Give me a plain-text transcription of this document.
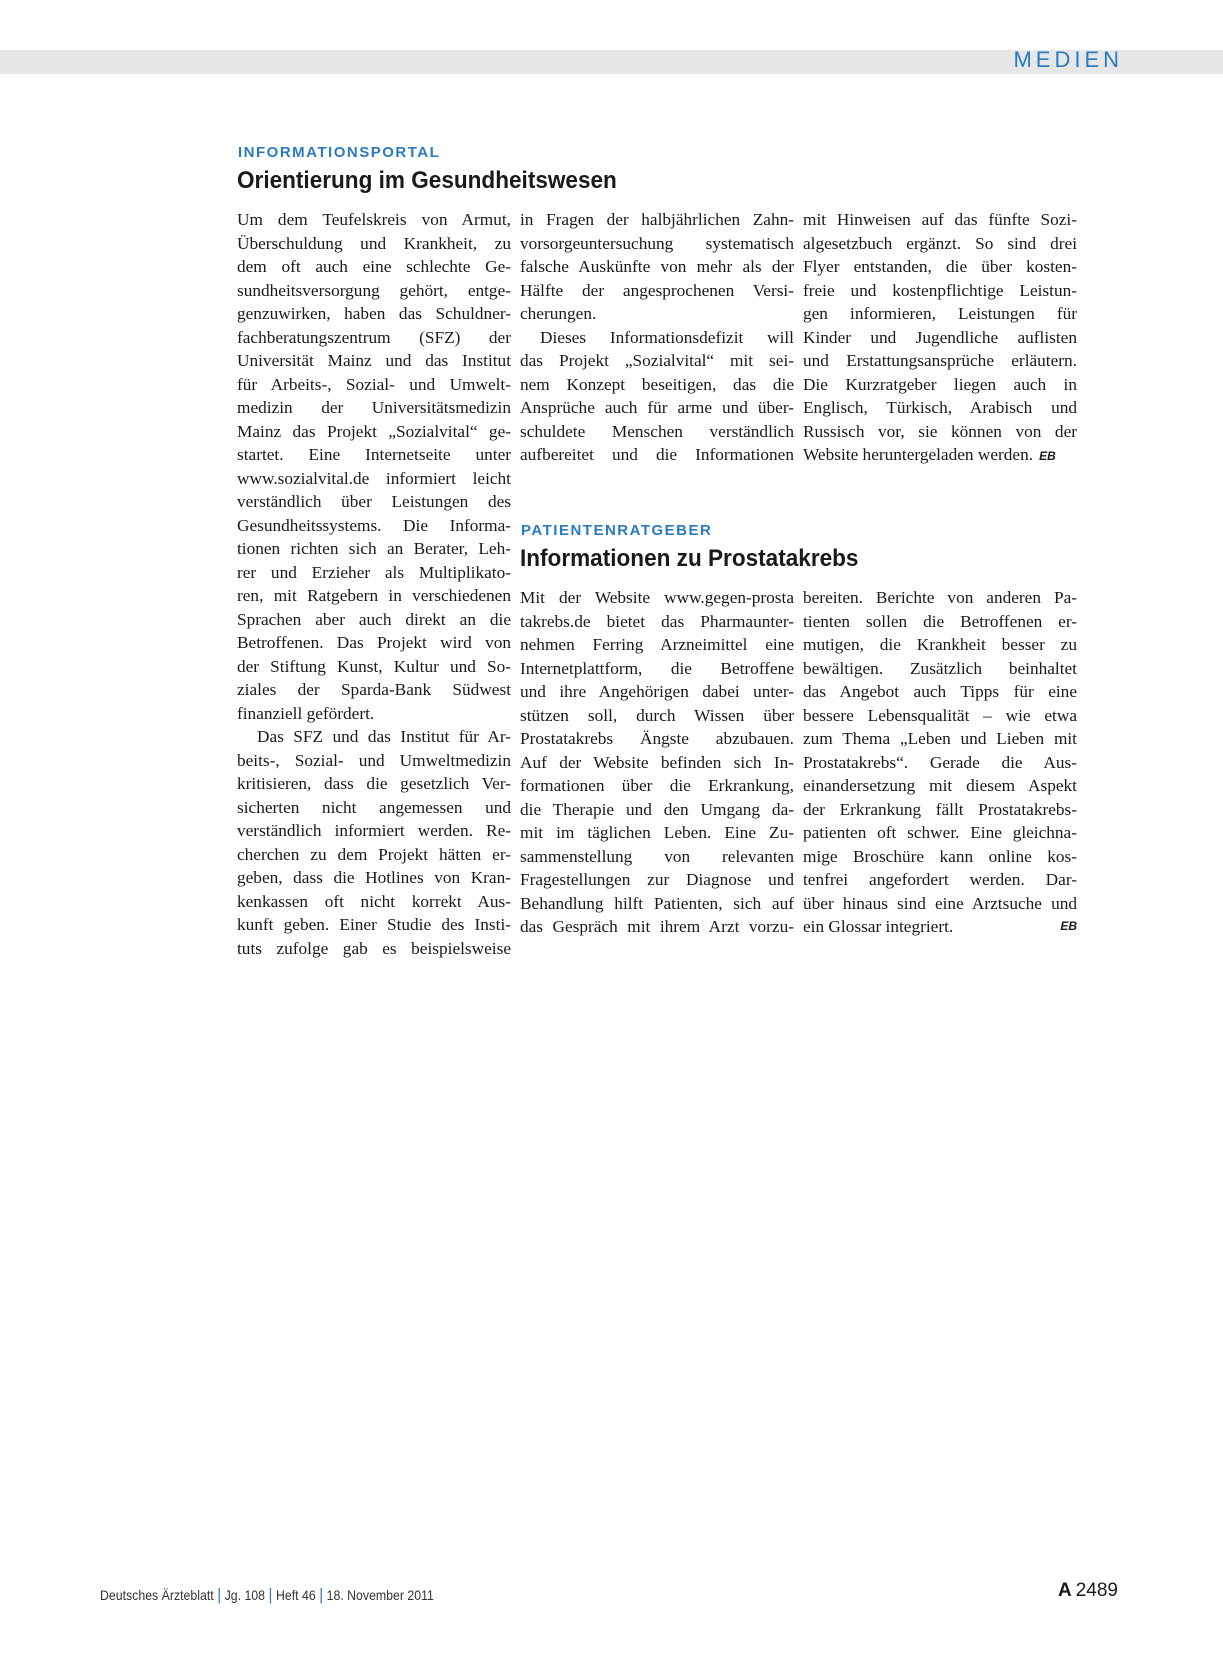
MEDIEN
INFORMATIONSPORTAL
Orientierung im Gesundheitswesen
Um dem Teufelskreis von Armut,
Überschuldung und Krankheit, zu
dem oft auch eine schlechte Ge-
sundheitsversorgung gehört, entge-
genzuwirken, haben das Schuldner-
fachberatungszentrum (SFZ) der
Universität Mainz und das Institut
für Arbeits-, Sozial- und Umwelt-
medizin der Universitätsmedizin
Mainz das Projekt „Sozialvital“ ge-
startet. Eine Internetseite unter
www.sozialvital.de informiert leicht
verständlich über Leistungen des
Gesundheitssystems. Die Informa-
tionen richten sich an Berater, Leh-
rer und Erzieher als Multiplikato-
ren, mit Ratgebern in verschiedenen
Sprachen aber auch direkt an die
Betroffenen. Das Projekt wird von
der Stiftung Kunst, Kultur und So-
ziales der Sparda-Bank Südwest
finanziell gefördert.
Das SFZ und das Institut für Ar-
beits-, Sozial- und Umweltmedizin
kritisieren, dass die gesetzlich Ver-
sicherten nicht angemessen und
verständlich informiert werden. Re-
cherchen zu dem Projekt hätten er-
geben, dass die Hotlines von Kran-
kenkassen oft nicht korrekt Aus-
kunft geben. Einer Studie des Insti-
tuts zufolge gab es beispielsweise
in Fragen der halbjährlichen Zahn-
vorsorgeuntersuchung systematisch
falsche Auskünfte von mehr als der
Hälfte der angesprochenen Versi-
cherungen.
Dieses Informationsdefizit will
das Projekt „Sozialvital“ mit sei-
nem Konzept beseitigen, das die
Ansprüche auch für arme und über-
schuldete Menschen verständlich
aufbereitet und die Informationen
mit Hinweisen auf das fünfte Sozi-
algesetzbuch ergänzt. So sind drei
Flyer entstanden, die über kosten-
freie und kostenpflichtige Leistun-
gen informieren, Leistungen für
Kinder und Jugendliche auflisten
und Erstattungsansprüche erläutern.
Die Kurzratgeber liegen auch in
Englisch, Türkisch, Arabisch und
Russisch vor, sie können von der
Website heruntergeladen werden. EB
PATIENTENRATGEBER
Informationen zu Prostatakrebs
Mit der Website www.gegen-prosta
takrebs.de bietet das Pharmaunter-
nehmen Ferring Arzneimittel eine
Internetplattform, die Betroffene
und ihre Angehörigen dabei unter-
stützen soll, durch Wissen über
Prostatakrebs Ängste abzubauen.
Auf der Website befinden sich In-
formationen über die Erkrankung,
die Therapie und den Umgang da-
mit im täglichen Leben. Eine Zu-
sammenstellung von relevanten
Fragestellungen zur Diagnose und
Behandlung hilft Patienten, sich auf
das Gespräch mit ihrem Arzt vorzu-
bereiten. Berichte von anderen Pa-
tienten sollen die Betroffenen er-
mutigen, die Krankheit besser zu
bewältigen. Zusätzlich beinhaltet
das Angebot auch Tipps für eine
bessere Lebensqualität – wie etwa
zum Thema „Leben und Lieben mit
Prostatakrebs“. Gerade die Aus-
einandersetzung mit diesem Aspekt
der Erkrankung fällt Prostatakrebs-
patienten oft schwer. Eine gleichna-
mige Broschüre kann online kos-
tenfrei angefordert werden. Dar-
über hinaus sind eine Arztsuche und
ein Glossar integriert.	EB
Deutsches Ärzteblatt | Jg. 108 | Heft 46 | 18. November 2011	A 2489
